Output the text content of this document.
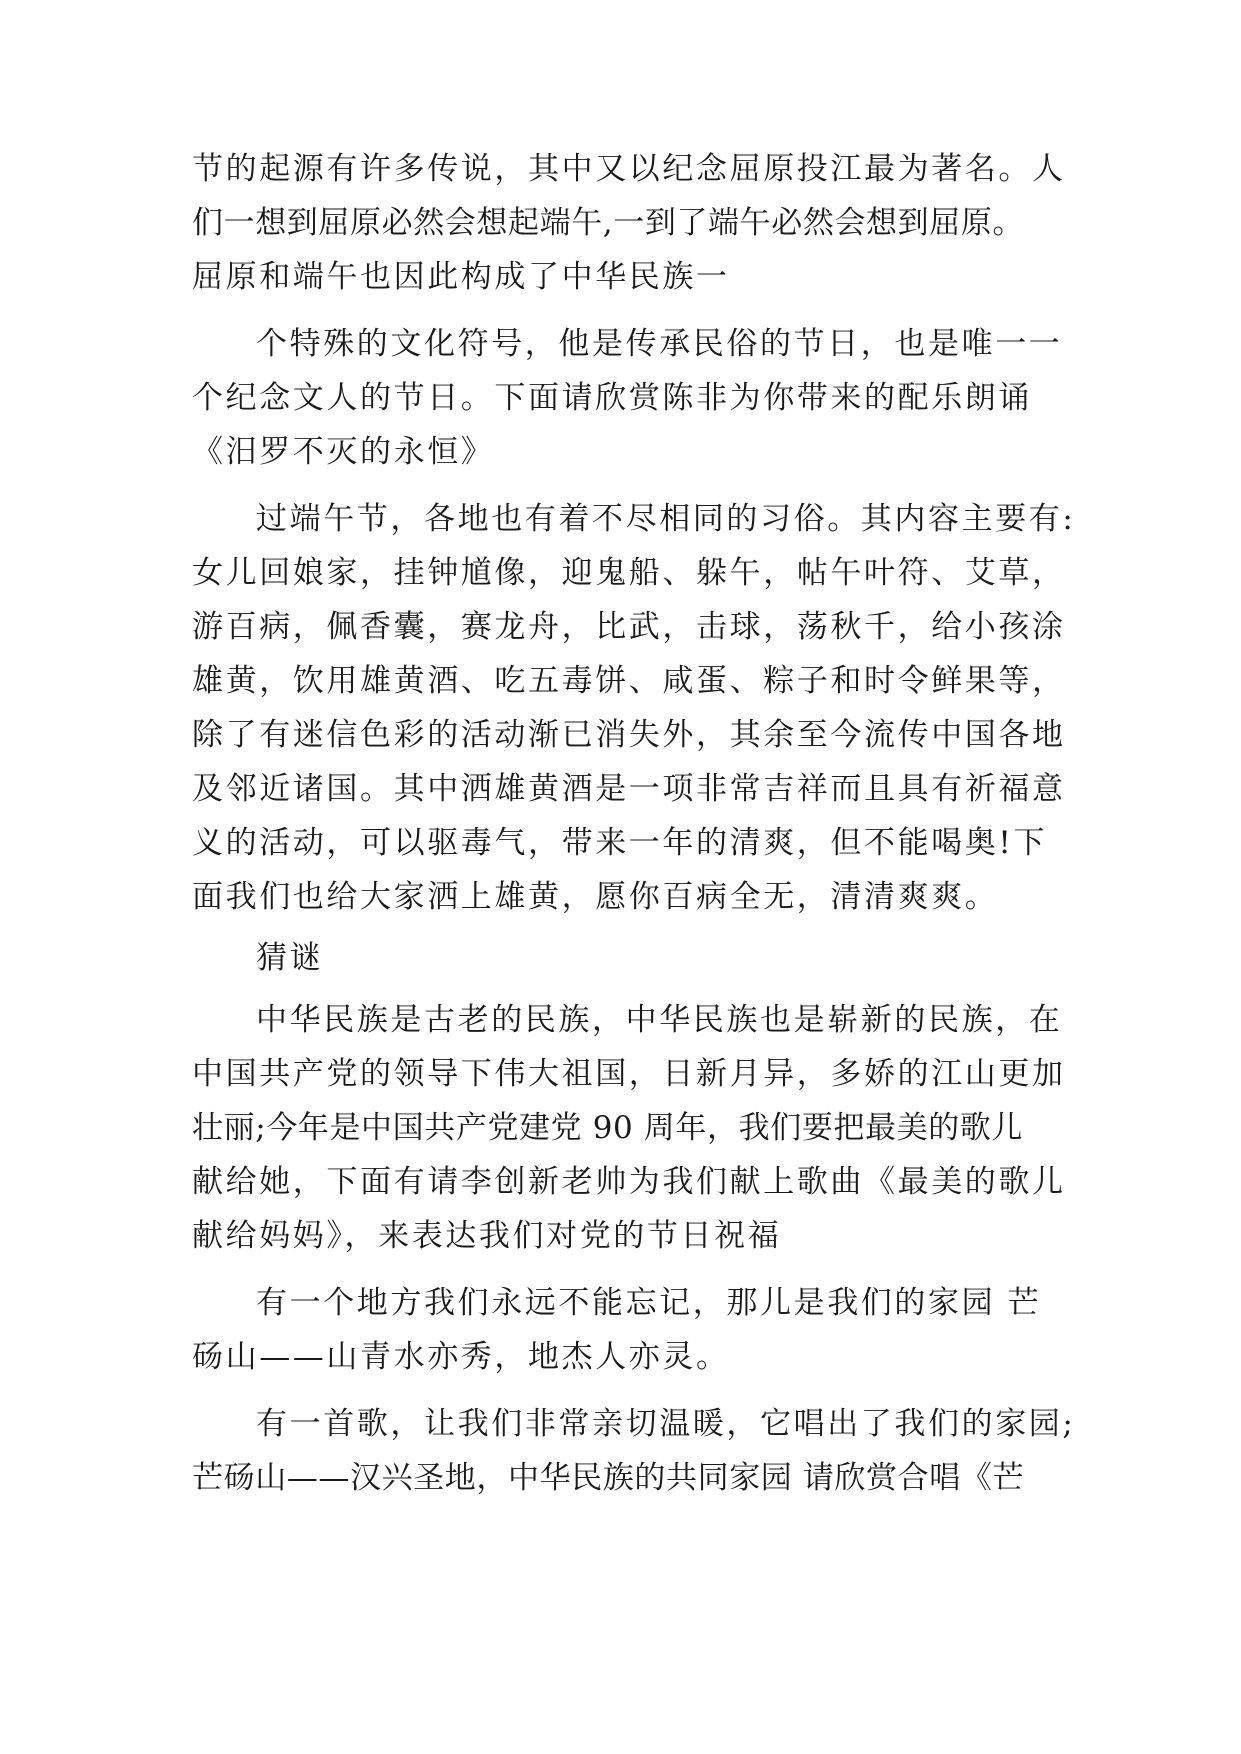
节的起源有许多传说，其中又以纪念屈原投江最为著名。人
们一想到屈原必然会想起端午,一到了端午必然会想到屈原。
屈原和端午也因此构成了中华民族一
个特殊的文化符号，他是传承民俗的节日，也是唯一一
个纪念文人的节日。下面请欣赏陈非为你带来的配乐朗诵
《汨罗不灭的永恒》
过端午节，各地也有着不尽相同的习俗。其内容主要有:
女儿回娘家，挂钟馗像，迎鬼船、躲午，帖午叶符、艾草，
游百病，佩香囊，赛龙舟，比武，击球，荡秋千，给小孩涂
雄黄，饮用雄黄酒、吃五毒饼、咸蛋、粽子和时令鲜果等，
除了有迷信色彩的活动渐已消失外，其余至今流传中国各地
及邻近诸国。其中洒雄黄酒是一项非常吉祥而且具有祈福意
义的活动，可以驱毒气，带来一年的清爽，但不能喝奥!下
面我们也给大家洒上雄黄，愿你百病全无，清清爽爽。
猜谜
中华民族是古老的民族，中华民族也是崭新的民族，在
中国共产党的领导下伟大祖国，日新月异，多娇的江山更加
壮丽;今年是中国共产党建党 90 周年，我们要把最美的歌儿
献给她，下面有请李创新老帅为我们献上歌曲《最美的歌儿
献给妈妈》，来表达我们对党的节日祝福
有一个地方我们永远不能忘记，那儿是我们的家园 芒
砀山——山青水亦秀，地杰人亦灵。
有一首歌，让我们非常亲切温暖，它唱出了我们的家园;
芒砀山——汉兴圣地，中华民族的共同家园 请欣赏合唱《芒
